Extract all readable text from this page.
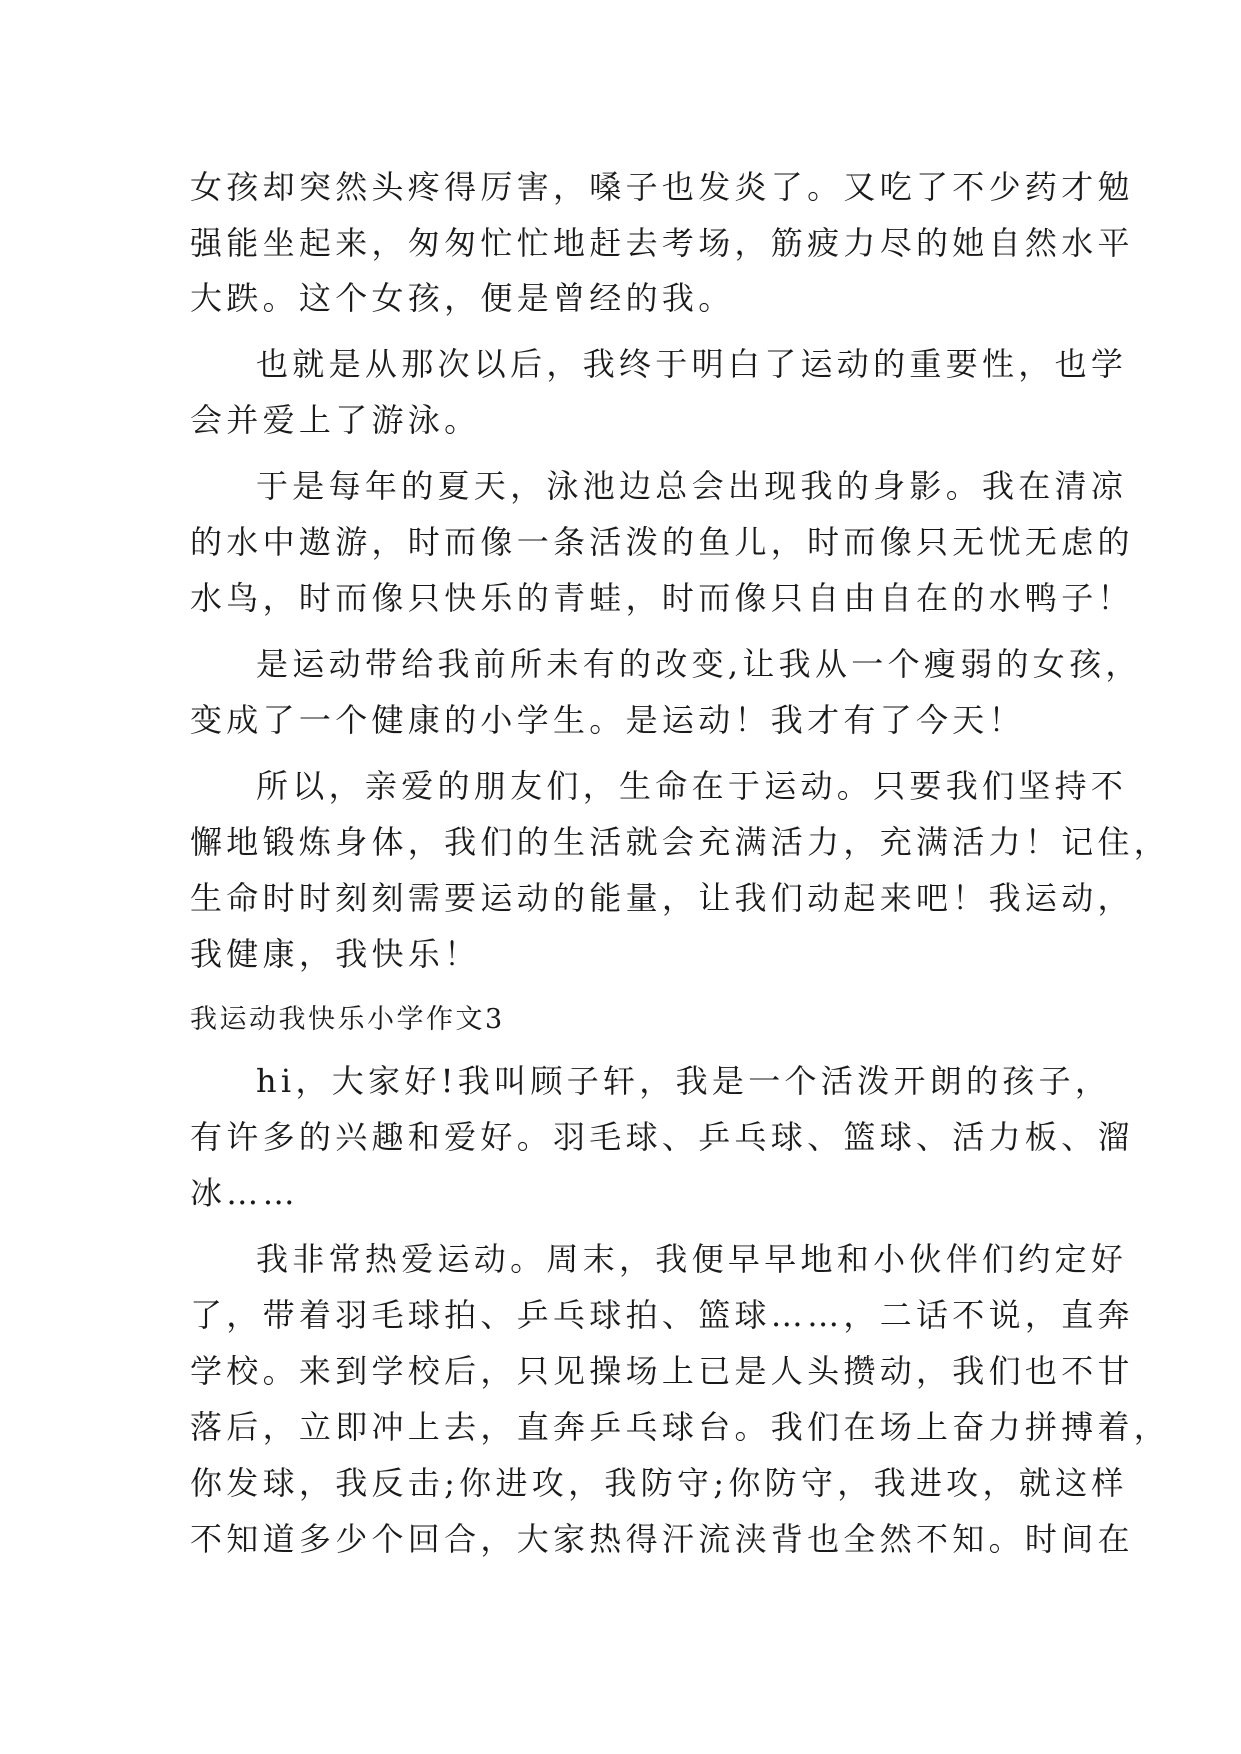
女孩却突然头疼得厉害，嗓子也发炎了。又吃了不少药才勉
强能坐起来，匆匆忙忙地赶去考场，筋疲力尽的她自然水平
大跌。这个女孩，便是曾经的我。
也就是从那次以后，我终于明白了运动的重要性，也学
会并爱上了游泳。
于是每年的夏天，泳池边总会出现我的身影。我在清凉
的水中遨游，时而像一条活泼的鱼儿，时而像只无忧无虑的
水鸟，时而像只快乐的青蛙，时而像只自由自在的水鸭子！
是运动带给我前所未有的改变,让我从一个瘦弱的女孩，
变成了一个健康的小学生。是运动！我才有了今天！
所以，亲爱的朋友们，生命在于运动。只要我们坚持不
懈地锻炼身体，我们的生活就会充满活力，充满活力！记住，
生命时时刻刻需要运动的能量，让我们动起来吧！我运动，
我健康，我快乐！
我运动我快乐小学作文3
hi，大家好!我叫顾子轩，我是一个活泼开朗的孩子，
有许多的兴趣和爱好。羽毛球、乒乓球、篮球、活力板、溜
冰……
我非常热爱运动。周末，我便早早地和小伙伴们约定好
了，带着羽毛球拍、乒乓球拍、篮球……，二话不说，直奔
学校。来到学校后，只见操场上已是人头攒动，我们也不甘
落后，立即冲上去，直奔乒乓球台。我们在场上奋力拼搏着，
你发球，我反击;你进攻，我防守;你防守，我进攻，就这样
不知道多少个回合，大家热得汗流浃背也全然不知。时间在
